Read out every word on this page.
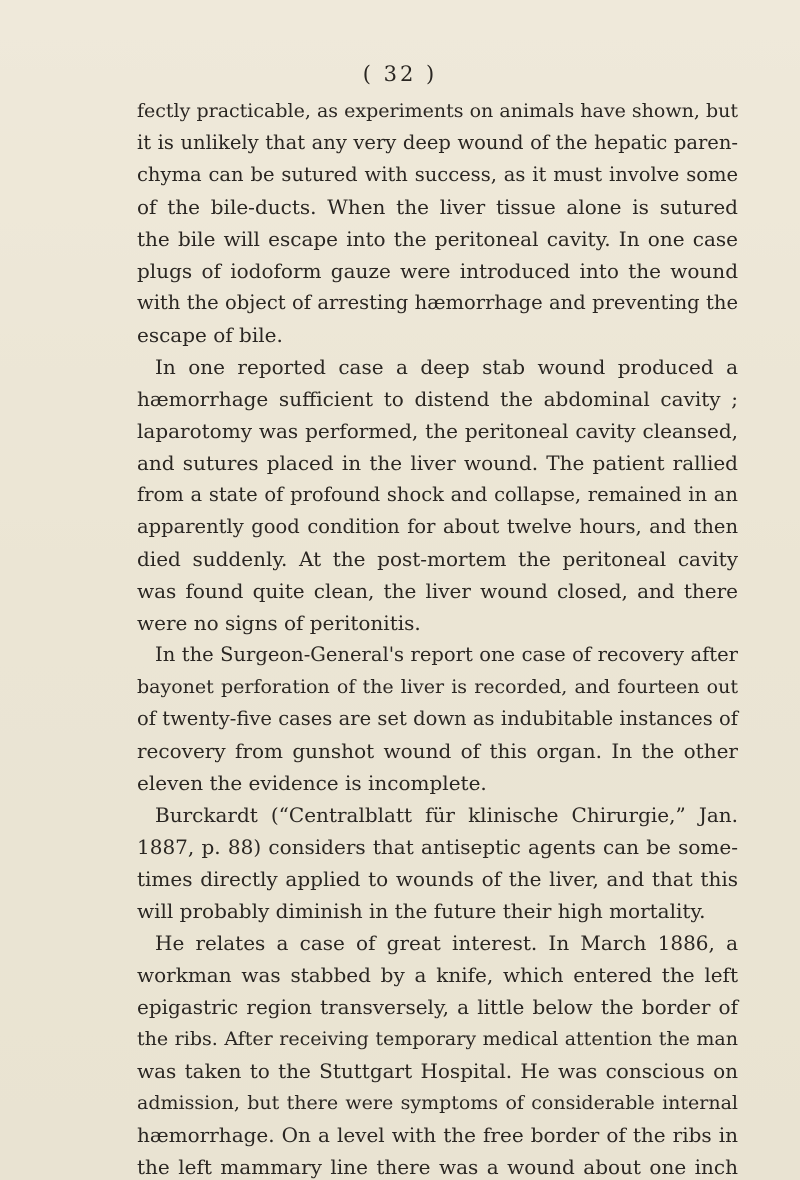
( 32 )
fectly practicable, as experiments on animals have shown, but
it is unlikely that any very deep wound of the hepatic paren-
chyma can be sutured with success, as it must involve some
of the bile-ducts. When the liver tissue alone is sutured
the bile will escape into the peritoneal cavity. In one case
plugs of iodoform gauze were introduced into the wound
with the object of arresting hæmorrhage and preventing the
escape of bile.
In one reported case a deep stab wound produced a
hæmorrhage sufficient to distend the abdominal cavity ;
laparotomy was performed, the peritoneal cavity cleansed,
and sutures placed in the liver wound. The patient rallied
from a state of profound shock and collapse, remained in an
apparently good condition for about twelve hours, and then
died suddenly. At the post-mortem the peritoneal cavity
was found quite clean, the liver wound closed, and there
were no signs of peritonitis.
In the Surgeon-General's report one case of recovery after
bayonet perforation of the liver is recorded, and fourteen out
of twenty-five cases are set down as indubitable instances of
recovery from gunshot wound of this organ. In the other
eleven the evidence is incomplete.
Burckardt (“Centralblatt für klinische Chirurgie,” Jan.
1887, p. 88) considers that antiseptic agents can be some-
times directly applied to wounds of the liver, and that this
will probably diminish in the future their high mortality.
He relates a case of great interest. In March 1886, a
workman was stabbed by a knife, which entered the left
epigastric region transversely, a little below the border of
the ribs. After receiving temporary medical attention the man
was taken to the Stuttgart Hospital. He was conscious on
admission, but there were symptoms of considerable internal
hæmorrhage. On a level with the free border of the ribs in
the left mammary line there was a wound about one inch
